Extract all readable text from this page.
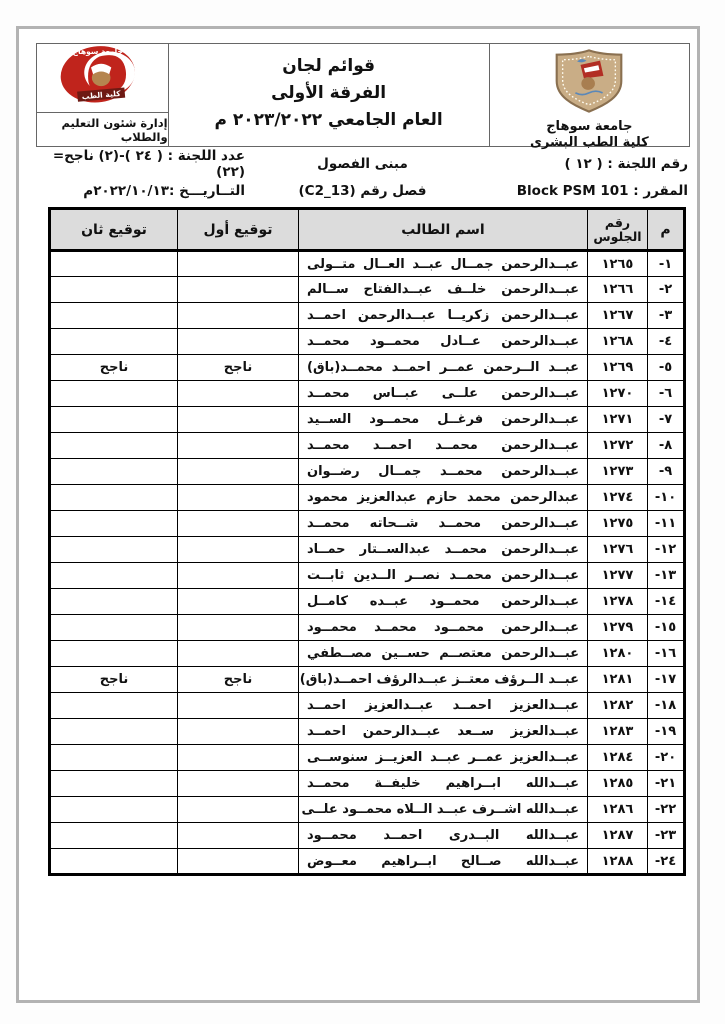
جامعة سوهاج
كلية الطب البشرى
قوائم لجان
الفرقة الأولى
العام الجامعي ٢٠٢٣/٢٠٢٢ م
جامعة سوهاج
كلية الطب
إدارة شئون التعليم والطلاب
رقم اللجنة : ( ١٢ )
مبنى الفصول
عدد اللجنة : ( ٢٤ )-(٢) ناجح=(٢٢)
المقرر : Block PSM 101
فصل رقم (C2_13)
التــاريـــخ :٢٠٢٢/١٠/١٣م
م	رقم الجلوس	اسم الطالب	توقيع أول	توقيع ثان
١-	١٢٦٥	عبــدالرحمن جمــال عبــد العــال متــولى		
٢-	١٢٦٦	عبــدالرحمن خلــف عبــدالفتاح ســالم		
٣-	١٢٦٧	عبــدالرحمن زكريــا عبــدالرحمن احمــد		
٤-	١٢٦٨	عبــدالرحمن عــادل محمــود محمــد		
٥-	١٢٦٩	عبــد الــرحمن عمــر احمــد محمــد(باق)	ناجح	ناجح
٦-	١٢٧٠	عبــدالرحمن علــى عبــاس محمــد		
٧-	١٢٧١	عبــدالرحمن فرغــل محمــود الســيد		
٨-	١٢٧٢	عبــدالرحمن محمــد احمــد محمــد		
٩-	١٢٧٣	عبــدالرحمن محمــد جمــال رضــوان		
١٠-	١٢٧٤	عبدالرحمن محمد حازم عبدالعزيز محمود		
١١-	١٢٧٥	عبــدالرحمن محمــد شــحاته محمــد		
١٢-	١٢٧٦	عبــدالرحمن محمــد عبدالســتار حمــاد		
١٣-	١٢٧٧	عبــدالرحمن محمــد نصــر الــدين ثابــت		
١٤-	١٢٧٨	عبــدالرحمن محمــود عبــده كامــل		
١٥-	١٢٧٩	عبــدالرحمن محمــود محمــد محمــود		
١٦-	١٢٨٠	عبــدالرحمن معتصــم حســين مصــطفي		
١٧-	١٢٨١	عبــد الــرؤف معتــز عبــدالرؤف احمــد(باق)	ناجح	ناجح
١٨-	١٢٨٢	عبــدالعزيز احمــد عبــدالعزيز احمــد		
١٩-	١٢٨٣	عبــدالعزيز ســعد عبــدالرحمن احمــد		
٢٠-	١٢٨٤	عبــدالعزيز عمــر عبــد العزيــز سنوســى		
٢١-	١٢٨٥	عبــدالله ابــراهيم خليفــة محمــد		
٢٢-	١٢٨٦	عبــدالله اشــرف عبــد الــلاه محمــود علــى		
٢٣-	١٢٨٧	عبــدالله البــدرى احمــد محمــود		
٢٤-	١٢٨٨	عبــدالله صــالح ابــراهيم معــوض		
